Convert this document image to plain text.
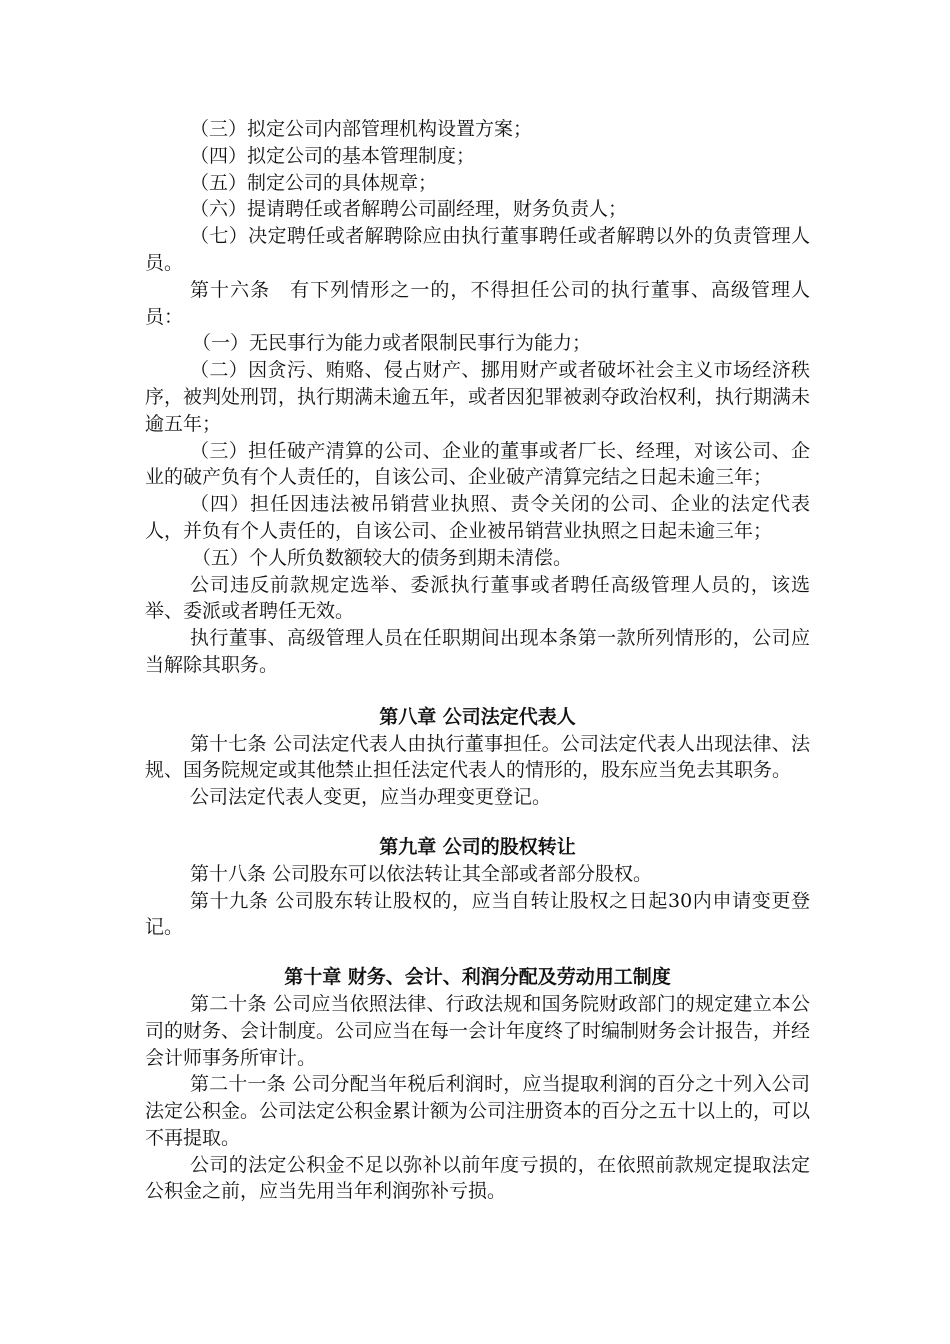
（三）拟定公司内部管理机构设置方案；

（四）拟定公司的基本管理制度；

（五）制定公司的具体规章；

（六）提请聘任或者解聘公司副经理，财务负责人；

（七）决定聘任或者解聘除应由执行董事聘任或者解聘以外的负责管理人员。

第十六条　有下列情形之一的，不得担任公司的执行董事、高级管理人员：

（一）无民事行为能力或者限制民事行为能力；

（二）因贪污、贿赂、侵占财产、挪用财产或者破坏社会主义市场经济秩序，被判处刑罚，执行期满未逾五年，或者因犯罪被剥夺政治权利，执行期满未逾五年；

（三）担任破产清算的公司、企业的董事或者厂长、经理，对该公司、企业的破产负有个人责任的，自该公司、企业破产清算完结之日起未逾三年；

（四）担任因违法被吊销营业执照、责令关闭的公司、企业的法定代表人，并负有个人责任的，自该公司、企业被吊销营业执照之日起未逾三年；

（五）个人所负数额较大的债务到期未清偿。

公司违反前款规定选举、委派执行董事或者聘任高级管理人员的，该选举、委派或者聘任无效。

执行董事、高级管理人员在任职期间出现本条第一款所列情形的，公司应当解除其职务。

第八章 公司法定代表人

第十七条 公司法定代表人由执行董事担任。公司法定代表人出现法律、法规、国务院规定或其他禁止担任法定代表人的情形的，股东应当免去其职务。

公司法定代表人变更，应当办理变更登记。

第九章 公司的股权转让

第十八条 公司股东可以依法转让其全部或者部分股权。

第十九条 公司股东转让股权的，应当自转让股权之日起30内申请变更登记。

第十章 财务、会计、利润分配及劳动用工制度

第二十条 公司应当依照法律、行政法规和国务院财政部门的规定建立本公司的财务、会计制度。公司应当在每一会计年度终了时编制财务会计报告，并经会计师事务所审计。

第二十一条 公司分配当年税后利润时，应当提取利润的百分之十列入公司法定公积金。公司法定公积金累计额为公司注册资本的百分之五十以上的，可以不再提取。

公司的法定公积金不足以弥补以前年度亏损的，在依照前款规定提取法定公积金之前，应当先用当年利润弥补亏损。
